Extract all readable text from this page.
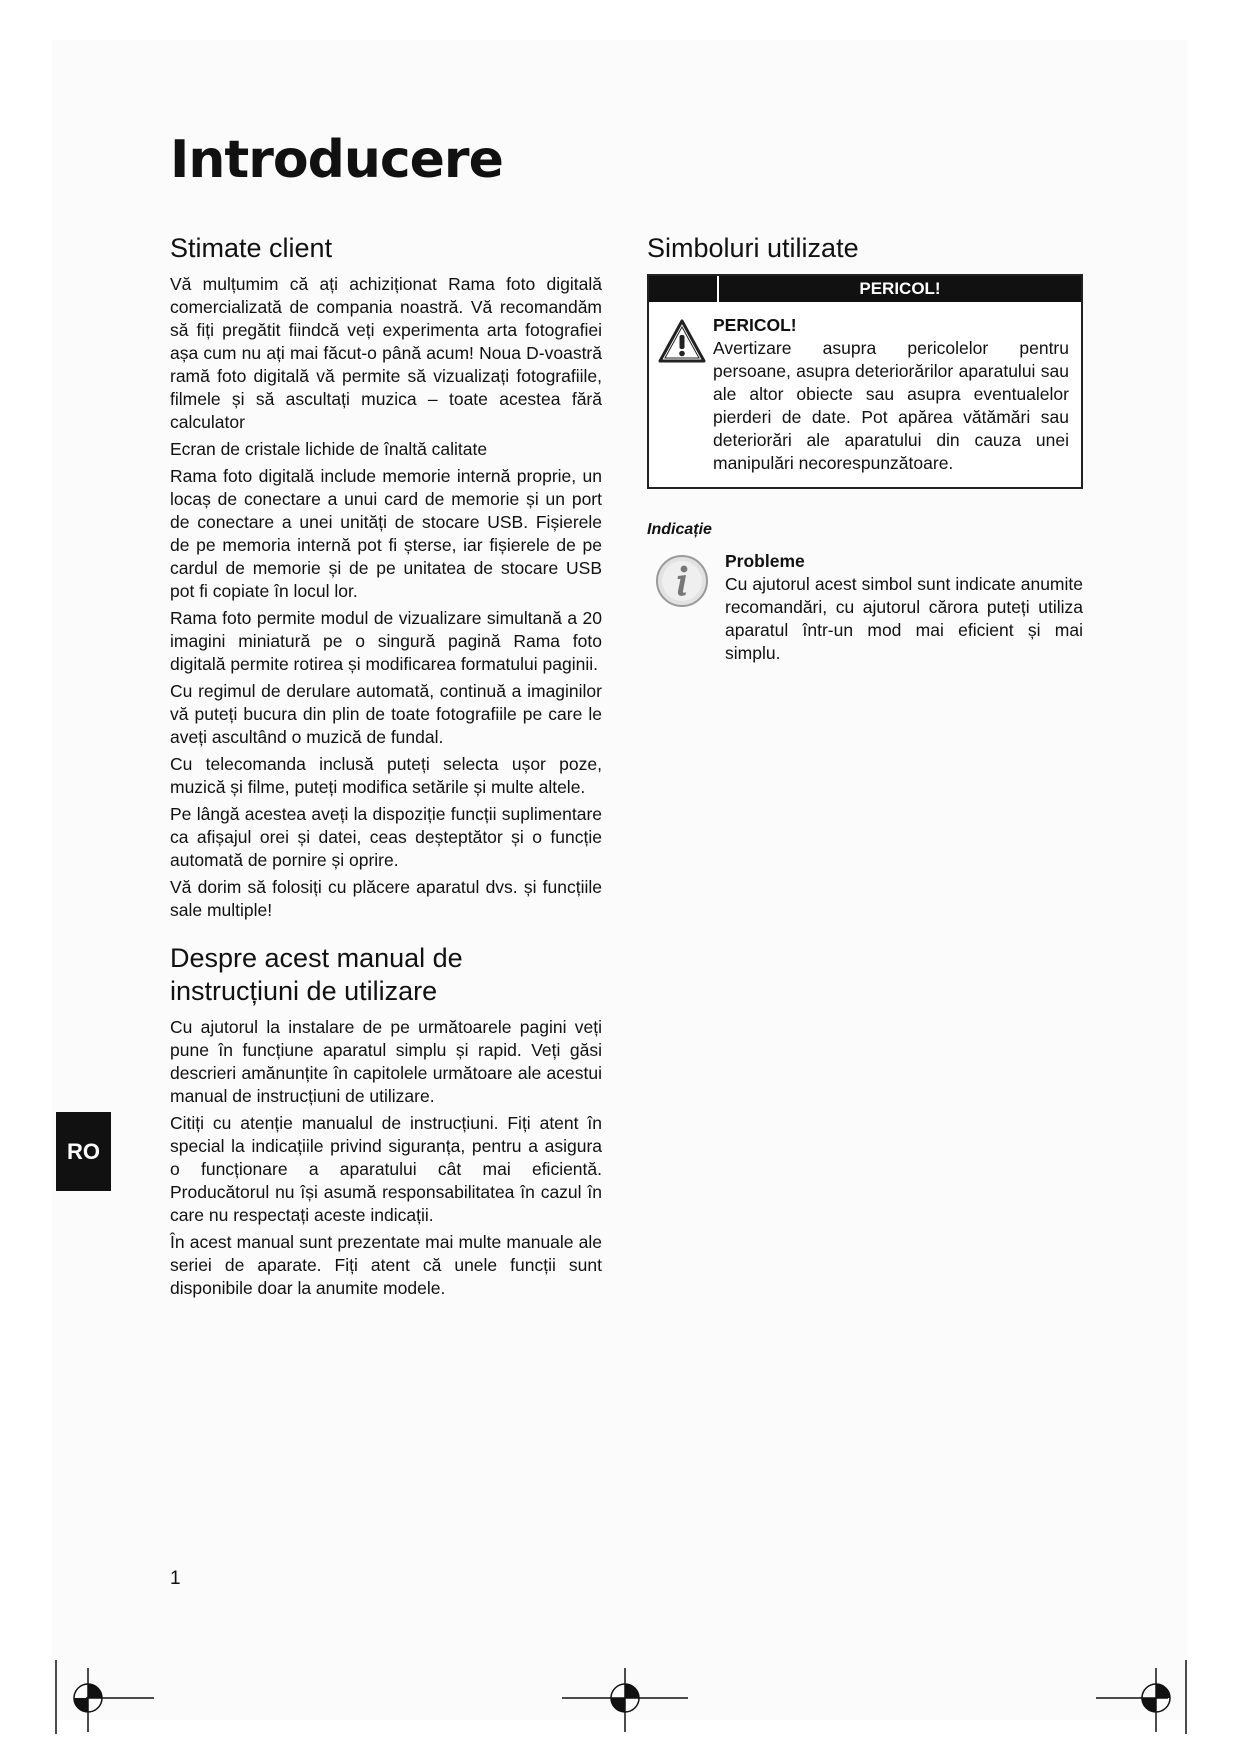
Introducere
Stimate client

Vă mulțumim că ați achiziționat Rama foto digitală comercializată de compania noastră. Vă recomandăm să fiți pregătit fiindcă veți experimenta arta fotografiei așa cum nu ați mai făcut-o până acum! Noua D-voastră ramă foto digitală vă permite să vizualizați fotografiile, filmele și să ascultați muzica – toate acestea fără calculator

Ecran de cristale lichide de înaltă calitate

Rama foto digitală include memorie internă proprie, un locaș de conectare a unui card de memorie și un port de conectare a unei unități de stocare USB. Fișierele de pe memoria internă pot fi șterse, iar fișierele de pe cardul de memorie și de pe unitatea de stocare USB pot fi copiate în locul lor.

Rama foto permite modul de vizualizare simultană a 20 imagini miniatură pe o singură pagină Rama foto digitală permite rotirea și modificarea formatului paginii.

Cu regimul de derulare automată, continuă a imaginilor vă puteți bucura din plin de toate fotografiile pe care le aveți ascultând o muzică de fundal.

Cu telecomanda inclusă puteți selecta ușor poze, muzică și filme, puteți modifica setările și multe altele.

Pe lângă acestea aveți la dispoziție funcții suplimentare ca afișajul orei și datei, ceas deșteptător și o funcție automată de pornire și oprire.

Vă dorim să folosiți cu plăcere aparatul dvs. și funcțiile sale multiple!

Despre acest manual de
instrucțiuni de utilizare

Cu ajutorul la instalare de pe următoarele pagini veți pune în funcțiune aparatul simplu și rapid. Veți găsi descrieri amănunțite în capitolele următoare ale acestui manual de instrucțiuni de utilizare.

Citiți cu atenție manualul de instrucțiuni. Fiți atent în special la indicațiile privind siguranța, pentru a asigura o funcționare a aparatului cât mai eficientă. Producătorul nu își asumă responsabilitatea în cazul în care nu respectați aceste indicații.

În acest manual sunt prezentate mai multe manuale ale seriei de aparate. Fiți atent că unele funcții sunt disponibile doar la anumite modele.

Simboluri utilizate
PERICOL!
PERICOL!

Avertizare asupra pericolelor pentru persoane, asupra deteriorărilor aparatului sau ale altor obiecte sau asupra eventualelor pierderi de date. Pot apărea vătămări sau deteriorări ale aparatului din cauza unei manipulări necorespunzătoare.

Indicație
Probleme

Cu ajutorul acest simbol sunt indicate anumite recomandări, cu ajutorul cărora puteți utiliza aparatul într-un mod mai eficient și mai simplu.

RO
1
